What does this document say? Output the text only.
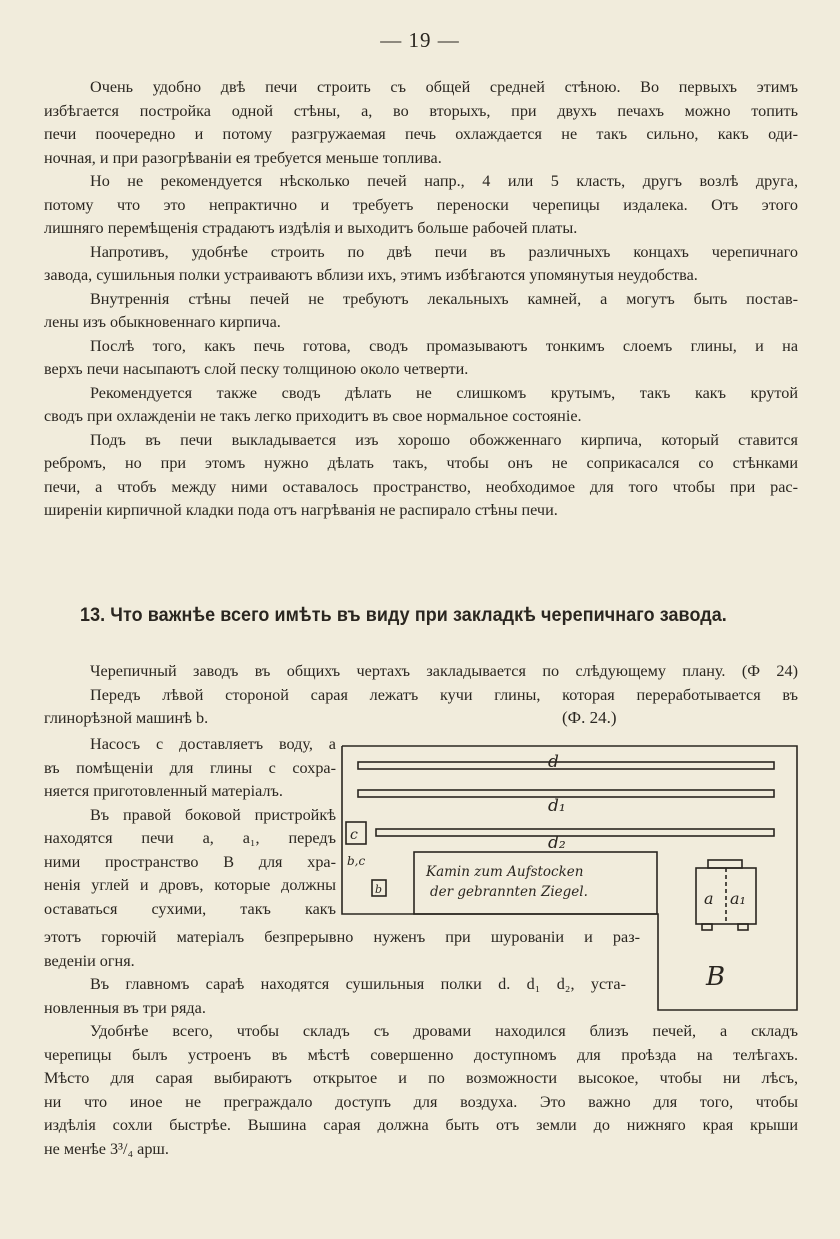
— 19 —
Очень удобно двѣ печи строить съ общей средней стѣною. Во первыхъ этимъ
избѣгается постройка одной стѣны, а, во вторыхъ, при двухъ печахъ можно топить
печи поочередно и потому разгружаемая печь охлаждается не такъ сильно, какъ оди-
ночная, и при разогрѣваніи ея требуется меньше топлива.
Но не рекомендуется нѣсколько печей напр., 4 или 5 класть, другъ возлѣ друга,
потому что это непрактично и требуетъ переноски черепицы издалека. Отъ этого
лишняго перемѣщенія страдаютъ издѣлія и выходитъ больше рабочей платы.
Напротивъ, удобнѣе строить по двѣ печи въ различныхъ концахъ черепичнаго
завода, сушильныя полки устраиваютъ вблизи ихъ, этимъ избѣгаются упомянутыя неудобства.
Внутреннія стѣны печей не требуютъ лекальныхъ камней, а могутъ быть постав-
лены изъ обыкновеннаго кирпича.
Послѣ того, какъ печь готова, сводъ промазываютъ тонкимъ слоемъ глины, и на
верхъ печи насыпаютъ слой песку толщиною около четверти.
Рекомендуется также сводъ дѣлать не слишкомъ крутымъ, такъ какъ крутой
сводъ при охлажденіи не такъ легко приходитъ въ свое нормальное состояніе.
Подъ въ печи выкладывается изъ хорошо обожженнаго кирпича, который ставится
ребромъ, но при этомъ нужно дѣлать такъ, чтобы онъ не соприкасался со стѣнками
печи, а чтобъ между ними оставалось пространство, необходимое для того чтобы при рас-
ширеніи кирпичной кладки пода отъ нагрѣванія не распирало стѣны печи.
13. Что важнѣе всего имѣть въ виду при закладкѣ черепичнаго завода.
Черепичный заводъ въ общихъ чертахъ закладывается по слѣдующему плану. (Ф 24)
Передъ лѣвой стороной сарая лежатъ кучи глины, которая переработывается въ
глинорѣзной машинѣ b.	(Ф. 24.)
Насосъ c доставляетъ воду, а
въ помѣщеніи для глины c сохра-
няется приготовленный матеріалъ.
Въ правой боковой пристройкѣ
находятся печи a, a₁, передъ
ними пространство B для хра-
ненія углей и дровъ, которые должны
оставаться сухими, такъ какъ
этотъ горючій матеріалъ безпрерывно нуженъ при шурованіи и раз-
веденіи огня.
Въ главномъ сараѣ находятся сушильныя полки d. d₁ d₂, уста-
новленныя въ три ряда.
Удобнѣе всего, чтобы складъ съ дровами находился близъ печей, а складъ
черепицы былъ устроенъ въ мѣстѣ совершенно доступномъ для проѣзда на телѣгахъ.
Мѣсто для сарая выбираютъ открытое и по возможности высокое, чтобы ни лѣсъ,
ни что иное не преграждало доступъ для воздуха. Это важно для того, чтобы
издѣлія сохли быстрѣе. Вышина сарая должна быть отъ земли до нижняго края крыши
не менѣе 3³/₄ арш.
d
d₁
d₂
c
b,c
b	a a₁
B
Kamin zum Aufstocken
der gebrannten Ziegel.
